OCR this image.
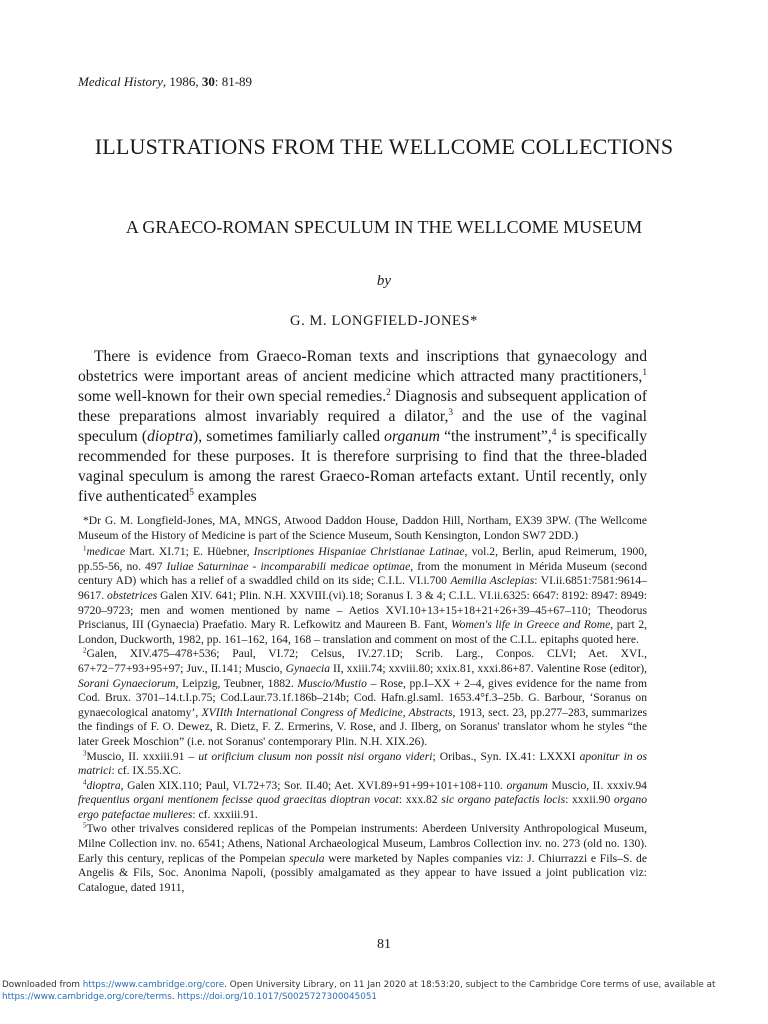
Medical History, 1986, 30: 81-89
ILLUSTRATIONS FROM THE WELLCOME COLLECTIONS
A GRAECO-ROMAN SPECULUM IN THE WELLCOME MUSEUM
by
G. M. LONGFIELD-JONES*

There is evidence from Graeco-Roman texts and inscriptions that gynaecology and obstetrics were important areas of ancient medicine which attracted many practitioners,$^1$ some well-known for their own special remedies.$^2$ Diagnosis and subsequent application of these preparations almost invariably required a dilator,$^3$ and the use of the vaginal speculum (dioptra), sometimes familiarly called organum “the instrument”,$^4$ is specifically recommended for these purposes. It is therefore surprising to find that the three-bladed vaginal speculum is among the rarest Graeco-Roman artefacts extant. Until recently, only five authenticated$^5$ examples

*Dr G. M. Longfield-Jones, MA, MNGS, Atwood Daddon House, Daddon Hill, Northam, EX39 3PW. (The Wellcome Museum of the History of Medicine is part of the Science Museum, South Kensington, London SW7 2DD.)

$^1$medicae Mart. XI.71; E. Hüebner, Inscriptiones Hispaniae Christianae Latinae, vol.2, Berlin, apud Reimerum, 1900, pp.55-56, no. 497 Iuliae Saturninae - incomparabili medicae optimae, from the monument in Mérida Museum (second century AD) which has a relief of a swaddled child on its side; C.I.L. VI.i.700 Aemilia Asclepias: VI.ii.6851:7581:9614–9617. obstetrices Galen XIV. 641; Plin. N.H. XXVIII.(vi).18; Soranus I. 3 & 4; C.I.L. VI.ii.6325: 6647: 8192: 8947: 8949: 9720–9723; men and women mentioned by name – Aetios XVI.10+13+15+18+21+26+39–45+67–110; Theodorus Priscianus, III (Gynaecia) Praefatio. Mary R. Lefkowitz and Maureen B. Fant, Women's life in Greece and Rome, part 2, London, Duckworth, 1982, pp. 161–162, 164, 168 – translation and comment on most of the C.I.L. epitaphs quoted here.

$^2$Galen, XIV.475–478+536; Paul, VI.72; Celsus, IV.27.1D; Scrib. Larg., Conpos. CLVI; Aet. XVI., 67+72−77+93+95+97; Juv., II.141; Muscio, Gynaecia II, xxiii.74; xxviii.80; xxix.81, xxxi.86+87. Valentine Rose (editor), Sorani Gynaeciorum, Leipzig, Teubner, 1882. Muscio/Mustio – Rose, pp.I–XX + 2–4, gives evidence for the name from Cod. Brux. 3701–14.t.I.p.75; Cod.Laur.73.1f.186b–214b; Cod. Hafn.gl.saml. 1653.4°f.3–25b. G. Barbour, ‘Soranus on gynaecological anatomy’, XVIIth International Congress of Medicine, Abstracts, 1913, sect. 23, pp.277–283, summarizes the findings of F. O. Dewez, R. Dietz, F. Z. Ermerins, V. Rose, and J. Ilberg, on Soranus' translator whom he styles “the later Greek Moschion” (i.e. not Soranus' contemporary Plin. N.H. XIX.26).

$^3$Muscio, II. xxxiii.91 – ut orificium clusum non possit nisi organo videri; Oribas., Syn. IX.41: LXXXI aponitur in os matrici: cf. IX.55.XC.

$^4$dioptra, Galen XIX.110; Paul, VI.72+73; Sor. II.40; Aet. XVI.89+91+99+101+108+110. organum Muscio, II. xxxiv.94 frequentius organi mentionem fecisse quod graecitas dioptran vocat: xxx.82 sic organo patefactis locis: xxxii.90 organo ergo patefactae mulieres: cf. xxxiii.91.

$^5$Two other trivalves considered replicas of the Pompeian instruments: Aberdeen University Anthropological Museum, Milne Collection inv. no. 6541; Athens, National Archaeological Museum, Lambros Collection inv. no. 273 (old no. 130). Early this century, replicas of the Pompeian specula were marketed by Naples companies viz: J. Chiurrazzi e Fils–S. de Angelis & Fils, Soc. Anonima Napoli, (possibly amalgamated as they appear to have issued a joint publication viz: Catalogue, dated 1911,

81
Downloaded from https://www.cambridge.org/core. Open University Library, on 11 Jan 2020 at 18:53:20, subject to the Cambridge Core terms of use, available at
https://www.cambridge.org/core/terms. https://doi.org/10.1017/S0025727300045051
